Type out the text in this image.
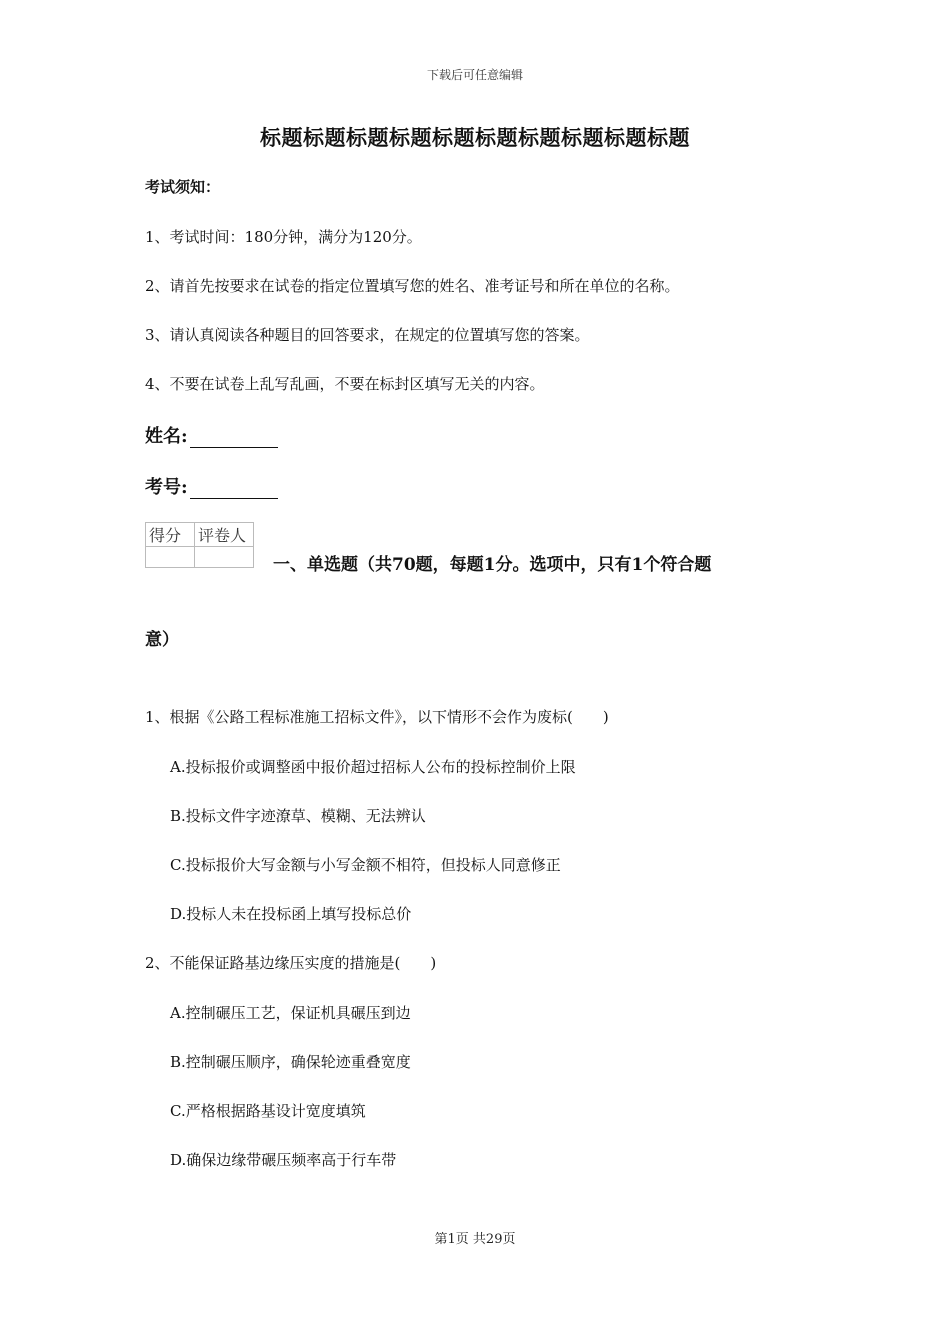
下载后可任意编辑
标题标题标题标题标题标题标题标题标题标题
考试须知：
1、考试时间：180分钟，满分为120分。
2、请首先按要求在试卷的指定位置填写您的姓名、准考证号和所在单位的名称。
3、请认真阅读各种题目的回答要求，在规定的位置填写您的答案。
4、不要在试卷上乱写乱画，不要在标封区填写无关的内容。
姓名:
考号:
得分	评卷人

一、单选题（共70题，每题1分。选项中，只有1个符合题
意）
1、根据《公路工程标准施工招标文件》，以下情形不会作为废标(　　)
A.投标报价或调整函中报价超过招标人公布的投标控制价上限
B.投标文件字迹潦草、模糊、无法辨认
C.投标报价大写金额与小写金额不相符，但投标人同意修正
D.投标人未在投标函上填写投标总价
2、不能保证路基边缘压实度的措施是(　　)
A.控制碾压工艺，保证机具碾压到边
B.控制碾压顺序，确保轮迹重叠宽度
C.严格根据路基设计宽度填筑
D.确保边缘带碾压频率高于行车带
第1页 共29页
